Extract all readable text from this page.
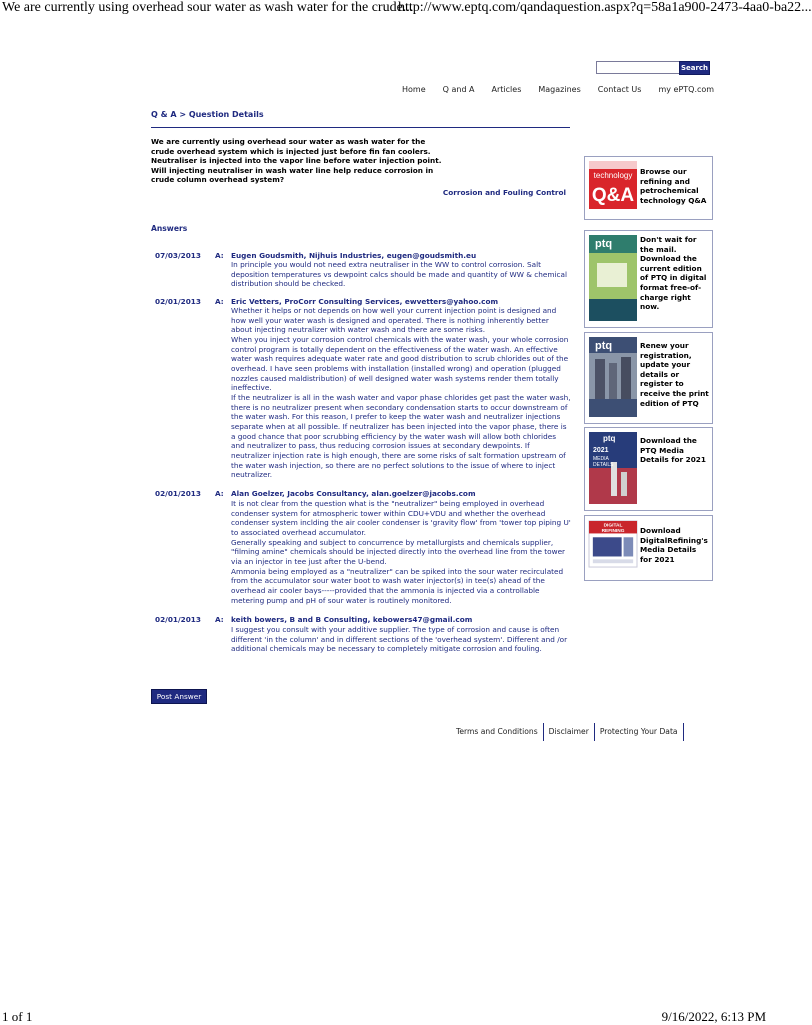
We are currently using overhead sour water as wash water for the crude...
http://www.eptq.com/qandaquestion.aspx?q=58a1a900-2473-4aa0-ba22...
1 of 1	9/16/2022, 6:13 PM
Search
Home Q and A Articles Magazines Contact Us my ePTQ.com
Q & A > Question Details
We are currently using overhead sour water as wash water for the crude overhead system which is injected just before fin fan coolers. Neutraliser is injected into the vapor line before water injection point. Will injecting neutraliser in wash water line help reduce corrosion in crude column overhead system?
Corrosion and Fouling Control
Answers
07/03/2013 A: Eugen Goudsmith, Nijhuis Industries, eugen@goudsmith.eu

In principle you would not need extra neutraliser in the WW to control corrosion. Salt deposition temperatures vs dewpoint calcs should be made and quantity of WW & chemical distribution should be checked.

02/01/2013 A: Eric Vetters, ProCorr Consulting Services, ewvetters@yahoo.com

Whether it helps or not depends on how well your current injection point is designed and how well your water wash is designed and operated. There is nothing inherently better about injecting neutralizer with water wash and there are some risks.

When you inject your corrosion control chemicals with the water wash, your whole corrosion control program is totally dependent on the effectiveness of the water wash. An effective water wash requires adequate water rate and good distribution to scrub chlorides out of the overhead. I have seen problems with installation (installed wrong) and operation (plugged nozzles caused maldistribution) of well designed water wash systems render them totally ineffective.

If the neutralizer is all in the wash water and vapor phase chlorides get past the water wash, there is no neutralizer present when secondary condensation starts to occur downstream of the water wash. For this reason, I prefer to keep the water wash and neutralizer injections separate when at all possible. If neutralizer has been injected into the vapor phase, there is a good chance that poor scrubbing efficiency by the water wash will allow both chlorides and neutralizer to pass, thus reducing corrosion issues at secondary dewpoints. If neutralizer injection rate is high enough, there are some risks of salt formation upstream of the water wash injection, so there are no perfect solutions to the issue of where to inject neutralizer.

02/01/2013 A: Alan Goelzer, Jacobs Consultancy, alan.goelzer@jacobs.com

It is not clear from the question what is the "neutralizer" being employed in overhead condenser system for atmospheric tower within CDU+VDU and whether the overhead condenser system inclding the air cooler condenser is 'gravity flow' from 'tower top piping U' to associated overhead accumulator.

Generally speaking and subject to concurrence by metallurgists and chemicals supplier, "filming amine" chemicals should be injected directly into the overhead line from the tower via an injector in tee just after the U-bend.

Ammonia being employed as a "neutralizer" can be spiked into the sour water recirculated from the accumulator sour water boot to wash water injector(s) in tee(s) ahead of the overhead air cooler bays-----provided that the ammonia is injected via a controllable metering pump and pH of sour water is routinely monitored.

02/01/2013 A: keith bowers, B and B Consulting, kebowers47@gmail.com

I suggest you consult with your additive supplier. The type of corrosion and cause is often different 'in the column' and in different sections of the 'overhead system'. Different and /or additional chemicals may be necessary to completely mitigate corrosion and fouling.

Post Answer
Terms and Conditions	Disclaimer	Protecting Your Data
technology
Q&A
Browse our refining and petrochemical technology Q&A
ptq	Don't wait for the mail. Download the current edition of PTQ in digital format free-of-charge right now.
ptq	Renew your registration, update your details or register to receive the print edition of PTQ
ptq
2021
MEDIA
DETAILS
Download the PTQ Media Details for 2021
DIGITAL
REFINING Download DigitalRefining's Media Details for 2021
